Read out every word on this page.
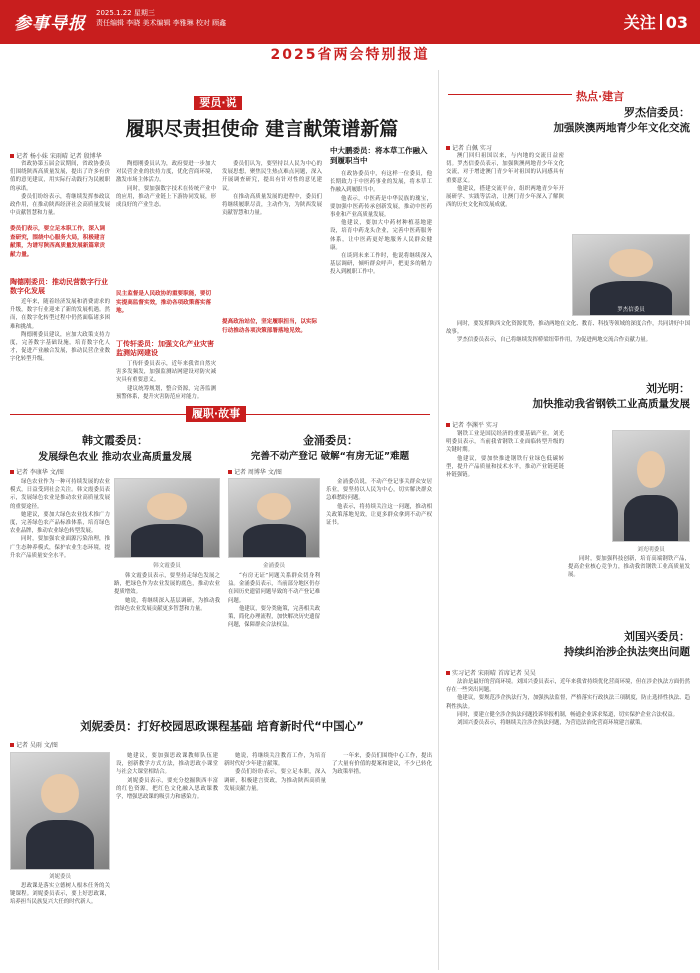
参事导报
2025.1.22 星期三
责任编辑 李晓 美术编辑 李雅琳 校对 顾鑫	关注 03
2025省两会特别报道
要员·说
履职尽责担使命 建言献策谱新篇
记者 杨小妹 宋雨晴 记者 殷博华

省政协第五届会议期间，省政协委员们围绕陕西高质量发展，提出了许多有价值的意见建议，用实际行动践行为民履职的承诺。

委员们纷纷表示，将继续发挥参政议政作用，在推动陕西经济社会高质量发展中贡献智慧和力量。

委员们表示，要立足本职工作，深入调查研究，围绕中心服务大局，积极建言献策，为谱写陕西高质量发展新篇章贡献力量。
陶德刚委员：推动民营数字行业数字化发展

近年来，随着经济发展和消费需求的升级，数字行业迎来了新的发展机遇。然而，在数字化转型过程中仍然面临诸多困难和挑战。

陶德刚委员建议，应加大政策支持力度，完善数字基础设施，培育数字化人才，促进产业融合发展，推动民营企业数字化转型升级。

陶德刚委员认为，政府要进一步加大对民营企业的扶持力度，优化营商环境，激发市场主体活力。

同时，要加强数字技术在传统产业中的应用，推动产业链上下游协同发展，形成良好的产业生态。

民主监督是人民政协的重要职能，要切实提高监督实效，推动各项政策落实落地。
丁传轩委员：加强文化产业灾害监测站网建设

丁传轩委员表示，近年来我省自然灾害多发频发，加强监测站网建设对防灾减灾具有重要意义。

建议统筹规划，整合资源，完善监测预警体系，提升灾害防范应对能力。

委员们认为，要坚持以人民为中心的发展思想，聚焦民生热点难点问题，深入开展调查研究，提出有针对性的意见建议。

在推动高质量发展的进程中，委员们将继续履职尽责，主动作为，为陕西发展贡献智慧和力量。

提高政治站位，坚定履职担当，以实际行动推动各项决策部署落地见效。
中大鹏委员：将本草工作融入到履职当中

在政协委员中，有这样一位委员，他长期致力于中医药事业的发展，将本草工作融入到履职当中。

他表示，中医药是中华民族的瑰宝，要加强中医药传承创新发展，推动中医药事业和产业高质量发展。

他建议，要加大中药材种植基地建设，培育中药龙头企业，完善中医药服务体系，让中医药更好地服务人民群众健康。

在谈到未来工作时，他说将继续深入基层调研，倾听群众呼声，把更多的精力投入到履职工作中。

热点·建言
罗杰信委员：
加强陕澳两地青少年文化交流
记者 白佩 实习

澳门回归祖国以来，与内地的交流日益密切。罗杰信委员表示，加强陕澳两地青少年文化交流，对于增进澳门青少年对祖国的认同感具有重要意义。

他建议，搭建交流平台，组织两地青少年开展研学、实践等活动，让澳门青少年深入了解陕西的历史文化和发展成就。

罗杰信委员

同时，要发挥陕西文化资源优势，推动两地在文化、教育、科技等领域的深度合作，共同讲好中国故事。

罗杰信委员表示，自己将继续发挥桥梁纽带作用，为促进两地交流合作贡献力量。

刘光明：
加快推动我省钢铁工业高质量发展
记者 李渊平 实习

钢铁工业是国民经济的重要基础产业。刘光明委员表示，当前我省钢铁工业面临转型升级的关键时期。

他建议，要加快推进钢铁行业绿色低碳转型，提升产品质量和技术水平，推动产业链延链补链强链。

刘光明委员

同时，要加强科技创新，培育高端钢铁产品，提高企业核心竞争力，推动我省钢铁工业高质量发展。

刘国兴委员：
持续纠治涉企执法突出问题
实习记者 宋雨晴 首席记者 吴吴

法治是最好的营商环境。刘国兴委员表示，近年来我省持续优化营商环境，但在涉企执法方面仍然存在一些突出问题。

他建议，要规范涉企执法行为，加强执法监督，严格落实行政执法三项制度，防止选择性执法、趋利性执法。

同时，要建立健全涉企执法问题投诉举报机制，畅通企业诉求渠道，切实保护企业合法权益。

刘国兴委员表示，将继续关注涉企执法问题，为营造法治化营商环境建言献策。

履职·故事
韩文霞委员：
发展绿色农业 推动农业高质量发展
记者 李康华 文/图

绿色农业作为一种可持续发展的农业模式，日益受到社会关注。韩文霞委员表示，发展绿色农业是推动农业高质量发展的重要途径。

她建议，要加大绿色农业技术推广力度，完善绿色农产品标准体系，培育绿色农业品牌，推动农业绿色转型发展。

同时，要加强农业面源污染治理，推广生态种养模式，保护农业生态环境，提升农产品质量安全水平。

韩文霞委员

韩文霞委员表示，要坚持走绿色发展之路，把绿色作为农业发展的底色，推动农业提质增效。

她说，将继续深入基层调研，为推动我省绿色农业发展贡献更多智慧和力量。

金涌委员：
完善不动产登记 破解“有房无证”难题
记者 周博华 文/图
金涌委员

“有房无证”问题关系群众切身利益。金涌委员表示，当前部分地区仍存在因历史遗留问题导致的不动产登记难问题。

他建议，要分类施策，完善相关政策，简化办理流程，加快解决历史遗留问题，保障群众合法权益。

金涌委员说，不动产登记事关群众安居乐业，要坚持以人民为中心，切实解决群众急难愁盼问题。

他表示，将持续关注这一问题，推动相关政策落地见效，让更多群众拿到不动产权证书。

刘妮委员：打好校园思政课程基础 培育新时代“中国心”
记者 吴雨 文/图
刘妮委员

思政课是落实立德树人根本任务的关键课程。刘妮委员表示，要上好思政课，培养担当民族复兴大任的时代新人。

她建议，要加强思政课教师队伍建设，创新教学方式方法，推动思政小课堂与社会大课堂相结合。

刘妮委员表示，要充分挖掘陕西丰富的红色资源，把红色文化融入思政课教学，增强思政课的吸引力和感染力。

她说，将继续关注教育工作，为培育新时代好少年建言献策。

委员们纷纷表示，要立足本职，深入调研，积极建言资政，为推动陕西高质量发展贡献力量。

一年来，委员们围绕中心工作，提出了大量有价值的提案和建议，不少已转化为政策举措。
